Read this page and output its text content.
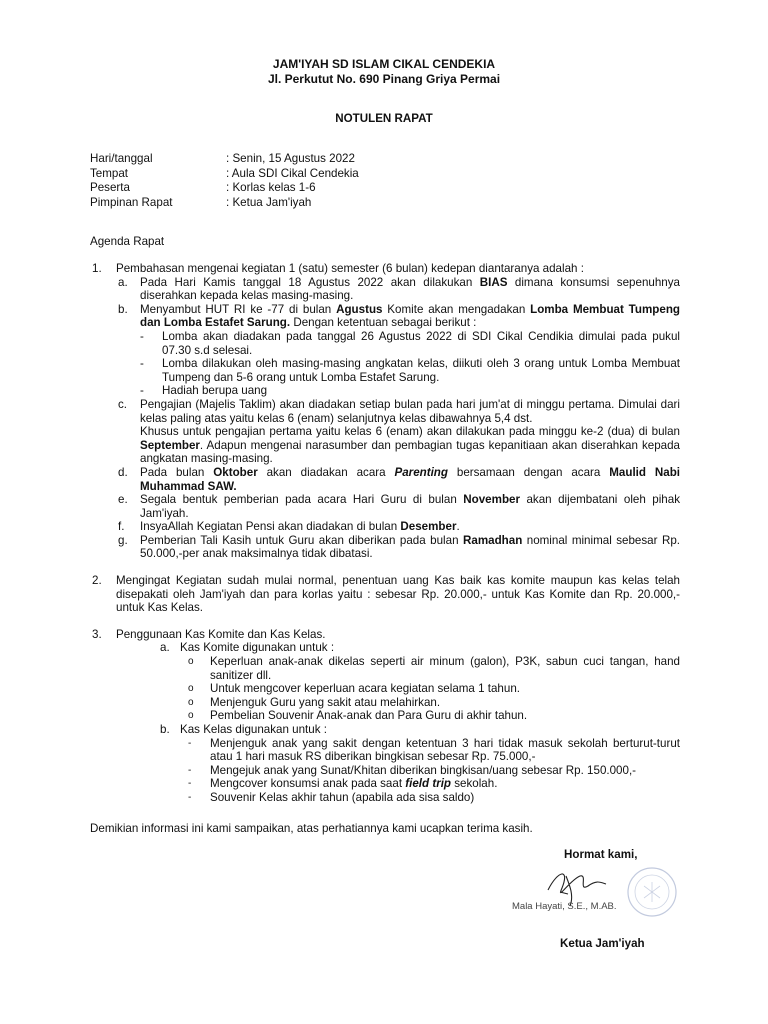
JAM'IYAH SD ISLAM CIKAL CENDEKIA
Jl. Perkutut No. 690 Pinang Griya Permai
NOTULEN RAPAT
Hari/tanggal	: Senin, 15 Agustus 2022
Tempat	: Aula SDI Cikal Cendekia
Peserta	: Korlas kelas 1-6
Pimpinan Rapat	: Ketua Jam'iyah
Agenda Rapat
1. Pembahasan mengenai kegiatan 1 (satu) semester (6 bulan) kedepan diantaranya adalah :
a. Pada Hari Kamis tanggal 18 Agustus 2022 akan dilakukan BIAS dimana konsumsi sepenuhnya diserahkan kepada kelas masing-masing.
b. Menyambut HUT RI ke -77 di bulan Agustus Komite akan mengadakan Lomba Membuat Tumpeng dan Lomba Estafet Sarung. Dengan ketentuan sebagai berikut :
- Lomba akan diadakan pada tanggal 26 Agustus 2022 di SDI Cikal Cendikia dimulai pada pukul 07.30 s.d selesai.
- Lomba dilakukan oleh masing-masing angkatan kelas, diikuti oleh 3 orang untuk Lomba Membuat Tumpeng dan 5-6 orang untuk Lomba Estafet Sarung.
- Hadiah berupa uang
c. Pengajian (Majelis Taklim) akan diadakan setiap bulan pada hari jum'at di minggu pertama. Dimulai dari kelas paling atas yaitu kelas 6 (enam) selanjutnya kelas dibawahnya 5,4 dst.
Khusus untuk pengajian pertama yaitu kelas 6 (enam) akan dilakukan pada minggu ke-2 (dua) di bulan September. Adapun mengenai narasumber dan pembagian tugas kepanitiaan akan diserahkan kepada angkatan masing-masing.
d. Pada bulan Oktober akan diadakan acara Parenting bersamaan dengan acara Maulid Nabi Muhammad SAW.
e. Segala bentuk pemberian pada acara Hari Guru di bulan November akan dijembatani oleh pihak Jam'iyah.
f. InsyaAllah Kegiatan Pensi akan diadakan di bulan Desember.
g. Pemberian Tali Kasih untuk Guru akan diberikan pada bulan Ramadhan nominal minimal sebesar Rp. 50.000,-per anak maksimalnya tidak dibatasi.
2. Mengingat Kegiatan sudah mulai normal, penentuan uang Kas baik kas komite maupun kas kelas telah disepakati oleh Jam'iyah dan para korlas yaitu : sebesar Rp. 20.000,- untuk Kas Komite dan Rp. 20.000,- untuk Kas Kelas.
3. Penggunaan Kas Komite dan Kas Kelas.
a. Kas Komite digunakan untuk :
o Keperluan anak-anak dikelas seperti air minum (galon), P3K, sabun cuci tangan, hand sanitizer dll.
o Untuk mengcover keperluan acara kegiatan selama 1 tahun.
o Menjenguk Guru yang sakit atau melahirkan.
o Pembelian Souvenir Anak-anak dan Para Guru di akhir tahun.
b. Kas Kelas digunakan untuk :
- Menjenguk anak yang sakit dengan ketentuan 3 hari tidak masuk sekolah berturut-turut atau 1 hari masuk RS diberikan bingkisan sebesar Rp. 75.000,-
- Mengejuk anak yang Sunat/Khitan diberikan bingkisan/uang sebesar Rp. 150.000,-
- Mengcover konsumsi anak pada saat field trip sekolah.
- Souvenir Kelas akhir tahun (apabila ada sisa saldo)
Demikian informasi ini kami sampaikan, atas perhatiannya kami ucapkan terima kasih.
Hormat kami,
Mala Hayati, S.E., M.AB.
Ketua Jam'iyah
